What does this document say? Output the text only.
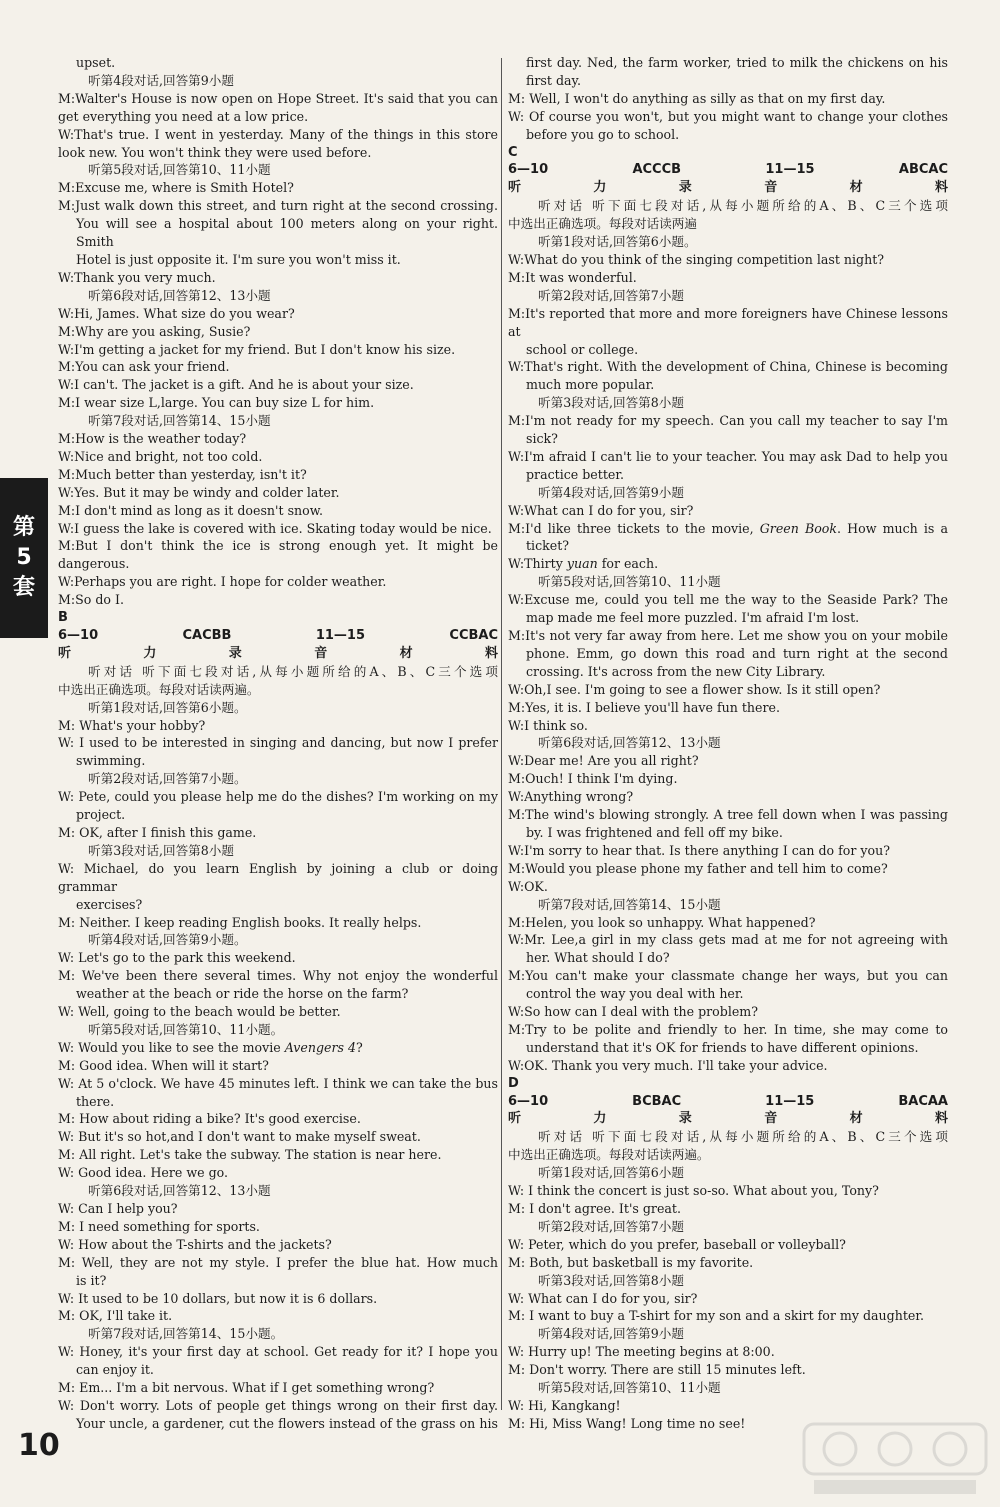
第
5
套
upset.
听第4段对话,回答第9小题
M:Walter's House is now open on Hope Street. It's said that you can
get everything you need at a low price.
W:That's true. I went in yesterday. Many of the things in this store
look new. You won't think they were used before.
听第5段对话,回答第10、11小题
M:Excuse me, where is Smith Hotel?
M:Just walk down this street, and turn right at the second crossing.
You will see a hospital about 100 meters along on your right. Smith
Hotel is just opposite it. I'm sure you won't miss it.
W:Thank you very much.
听第6段对话,回答第12、13小题
W:Hi, James. What size do you wear?
M:Why are you asking, Susie?
W:I'm getting a jacket for my friend. But I don't know his size.
M:You can ask your friend.
W:I can't. The jacket is a gift. And he is about your size.
M:I wear size L,large. You can buy size L for him.
听第7段对话,回答第14、15小题
M:How is the weather today?
W:Nice and bright, not too cold.
M:Much better than yesterday, isn't it?
W:Yes. But it may be windy and colder later.
M:I don't mind as long as it doesn't snow.
W:I guess the lake is covered with ice. Skating today would be nice.
M:But I don't think the ice is strong enough yet. It might be dangerous.
W:Perhaps you are right. I hope for colder weather.
M:So do I.
B
6—10 CACBB 11—15 CCBAC
听力录音材料
听对话 听下面七段对话,从每小题所给的A、B、C三个选项
中选出正确选项。每段对话读两遍。
听第1段对话,回答第6小题。
M: What's your hobby?
W: I used to be interested in singing and dancing, but now I prefer
swimming.
听第2段对话,回答第7小题。
W: Pete, could you please help me do the dishes? I'm working on my
project.
M: OK, after I finish this game.
听第3段对话,回答第8小题
W: Michael, do you learn English by joining a club or doing grammar
exercises?
M: Neither. I keep reading English books. It really helps.
听第4段对话,回答第9小题。
W: Let's go to the park this weekend.
M: We've been there several times. Why not enjoy the wonderful
weather at the beach or ride the horse on the farm?
W: Well, going to the beach would be better.
听第5段对话,回答第10、11小题。
W: Would you like to see the movie Avengers 4?
M: Good idea. When will it start?
W: At 5 o'clock. We have 45 minutes left. I think we can take the bus
there.
M: How about riding a bike? It's good exercise.
W: But it's so hot,and I don't want to make myself sweat.
M: All right. Let's take the subway. The station is near here.
W: Good idea. Here we go.
听第6段对话,回答第12、13小题
W: Can I help you?
M: I need something for sports.
W: How about the T-shirts and the jackets?
M: Well, they are not my style. I prefer the blue hat. How much
is it?
W: It used to be 10 dollars, but now it is 6 dollars.
M: OK, I'll take it.
听第7段对话,回答第14、15小题。
W: Honey, it's your first day at school. Get ready for it? I hope you
can enjoy it.
M: Em... I'm a bit nervous. What if I get something wrong?
W: Don't worry. Lots of people get things wrong on their first day.
Your uncle, a gardener, cut the flowers instead of the grass on his
first day. Ned, the farm worker, tried to milk the chickens on his
first day.
M: Well, I won't do anything as silly as that on my first day.
W: Of course you won't, but you might want to change your clothes
before you go to school.
C
6—10 ACCCB 11—15 ABCAC
听力录音材料
听对话 听下面七段对话,从每小题所给的A、B、C三个选项
中选出正确选项。每段对话读两遍
听第1段对话,回答第6小题。
W:What do you think of the singing competition last night?
M:It was wonderful.
听第2段对话,回答第7小题
M:It's reported that more and more foreigners have Chinese lessons at
school or college.
W:That's right. With the development of China, Chinese is becoming
much more popular.
听第3段对话,回答第8小题
M:I'm not ready for my speech. Can you call my teacher to say I'm
sick?
W:I'm afraid I can't lie to your teacher. You may ask Dad to help you
practice better.
听第4段对话,回答第9小题
W:What can I do for you, sir?
M:I'd like three tickets to the movie, Green Book. How much is a
ticket?
W:Thirty yuan for each.
听第5段对话,回答第10、11小题
W:Excuse me, could you tell me the way to the Seaside Park? The
map made me feel more puzzled. I'm afraid I'm lost.
M:It's not very far away from here. Let me show you on your mobile
phone. Emm, go down this road and turn right at the second
crossing. It's across from the new City Library.
W:Oh,I see. I'm going to see a flower show. Is it still open?
M:Yes, it is. I believe you'll have fun there.
W:I think so.
听第6段对话,回答第12、13小题
W:Dear me! Are you all right?
M:Ouch! I think I'm dying.
W:Anything wrong?
M:The wind's blowing strongly. A tree fell down when I was passing
by. I was frightened and fell off my bike.
W:I'm sorry to hear that. Is there anything I can do for you?
M:Would you please phone my father and tell him to come?
W:OK.
听第7段对话,回答第14、15小题
M:Helen, you look so unhappy. What happened?
W:Mr. Lee,a girl in my class gets mad at me for not agreeing with
her. What should I do?
M:You can't make your classmate change her ways, but you can
control the way you deal with her.
W:So how can I deal with the problem?
M:Try to be polite and friendly to her. In time, she may come to
understand that it's OK for friends to have different opinions.
W:OK. Thank you very much. I'll take your advice.
D
6—10 BCBAC 11—15 BACAA
听力录音材料
听对话 听下面七段对话,从每小题所给的A、B、C三个选项
中选出正确选项。每段对话读两遍。
听第1段对话,回答第6小题
W: I think the concert is just so-so. What about you, Tony?
M: I don't agree. It's great.
听第2段对话,回答第7小题
W: Peter, which do you prefer, baseball or volleyball?
M: Both, but basketball is my favorite.
听第3段对话,回答第8小题
W: What can I do for you, sir?
M: I want to buy a T-shirt for my son and a skirt for my daughter.
听第4段对话,回答第9小题
W: Hurry up! The meeting begins at 8:00.
M: Don't worry. There are still 15 minutes left.
听第5段对话,回答第10、11小题
W: Hi, Kangkang!
M: Hi, Miss Wang! Long time no see!
10
